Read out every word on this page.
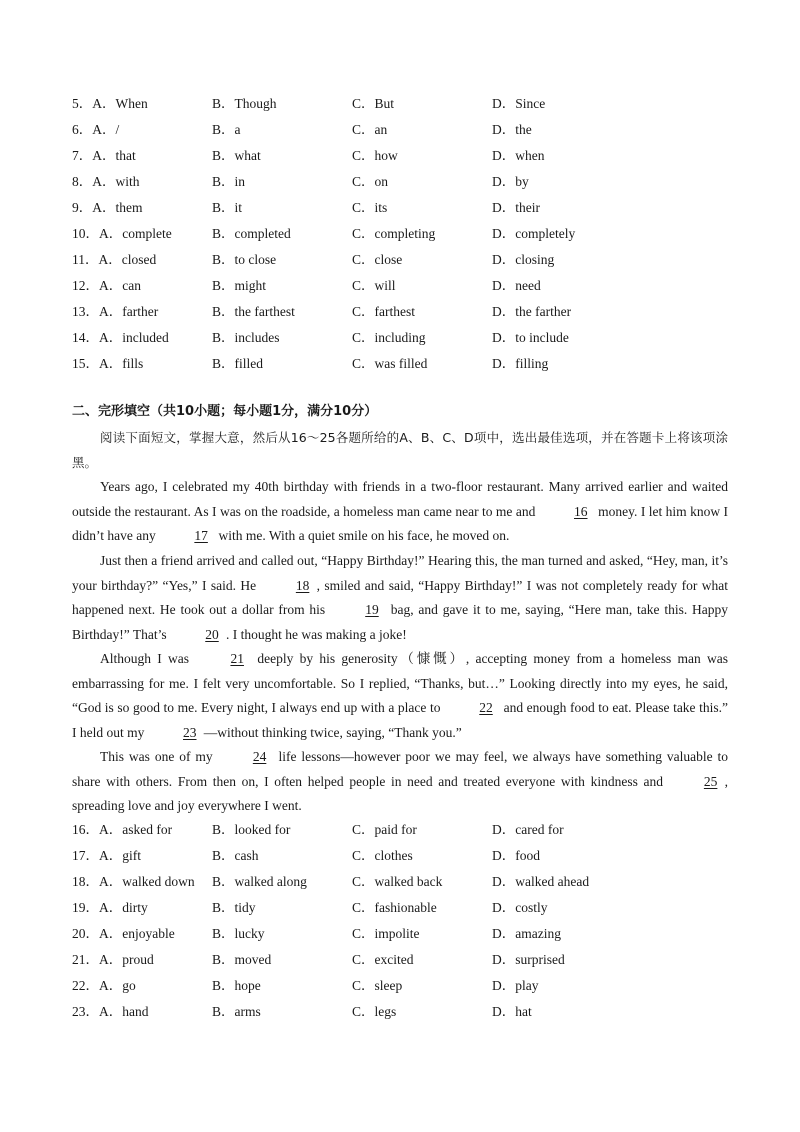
5．A．When	B．Though	C．But	D．Since
6．A．/	B．a	C．an	D．the
7．A．that	B．what	C．how	D．when
8．A．with	B．in	C．on	D．by
9．A．them	B．it	C．its	D．their
10．A．complete	B．completed	C．completing	D．completely
11．A．closed	B．to close	C．close	D．closing
12．A．can	B．might	C．will	D．need
13．A．farther	B．the farthest	C．farthest	D．the farther
14．A．included	B．includes	C．including	D．to include
15．A．fills	B．filled	C．was filled	D．filling
二、完形填空（共10小题；每小题1分，满分10分）

阅读下面短文，掌握大意，然后从16～25各题所给的A、B、C、D项中，选出最佳选项，并在答题卡上将该项涂黑。

Years ago, I celebrated my 40th birthday with friends in a two-floor restaurant. Many arrived earlier and waited outside the restaurant. As I was on the roadside, a homeless man came near to me and	16 money. I let him know I didn’t have any	17 with me. With a quiet smile on his face, he moved on.

Just then a friend arrived and called out, “Happy Birthday!” Hearing this, the man turned and asked, “Hey, man, it’s your birthday?” “Yes,” I said. He	18 , smiled and said, “Happy Birthday!” I was not completely ready for what happened next. He took out a dollar from his	19 bag, and gave it to me, saying, “Here man, take this. Happy Birthday!” That’s	20 . I thought he was making a joke!

Although I was	21 deeply by his generosity（慷慨）, accepting money from a homeless man was embarrassing for me. I felt very uncomfortable. So I replied, “Thanks, but…” Looking directly into my eyes, he said, “God is so good to me. Every night, I always end up with a place to	22 and enough food to eat. Please take this.” I held out my	23 —without thinking twice, saying, “Thank you.”

This was one of my	24 life lessons—however poor we may feel, we always have something valuable to share with others. From then on, I often helped people in need and treated everyone with kindness and	25 , spreading love and joy everywhere I went.

16．A．asked for	B．looked for	C．paid for	D．cared for
17．A．gift	B．cash	C．clothes	D．food
18．A．walked down B．walked along	C．walked back	D．walked ahead
19．A．dirty	B．tidy	C．fashionable	D．costly
20．A．enjoyable	B．lucky	C．impolite	D．amazing
21．A．proud	B．moved	C．excited	D．surprised
22．A．go	B．hope	C．sleep	D．play
23．A．hand	B．arms	C．legs	D．hat
